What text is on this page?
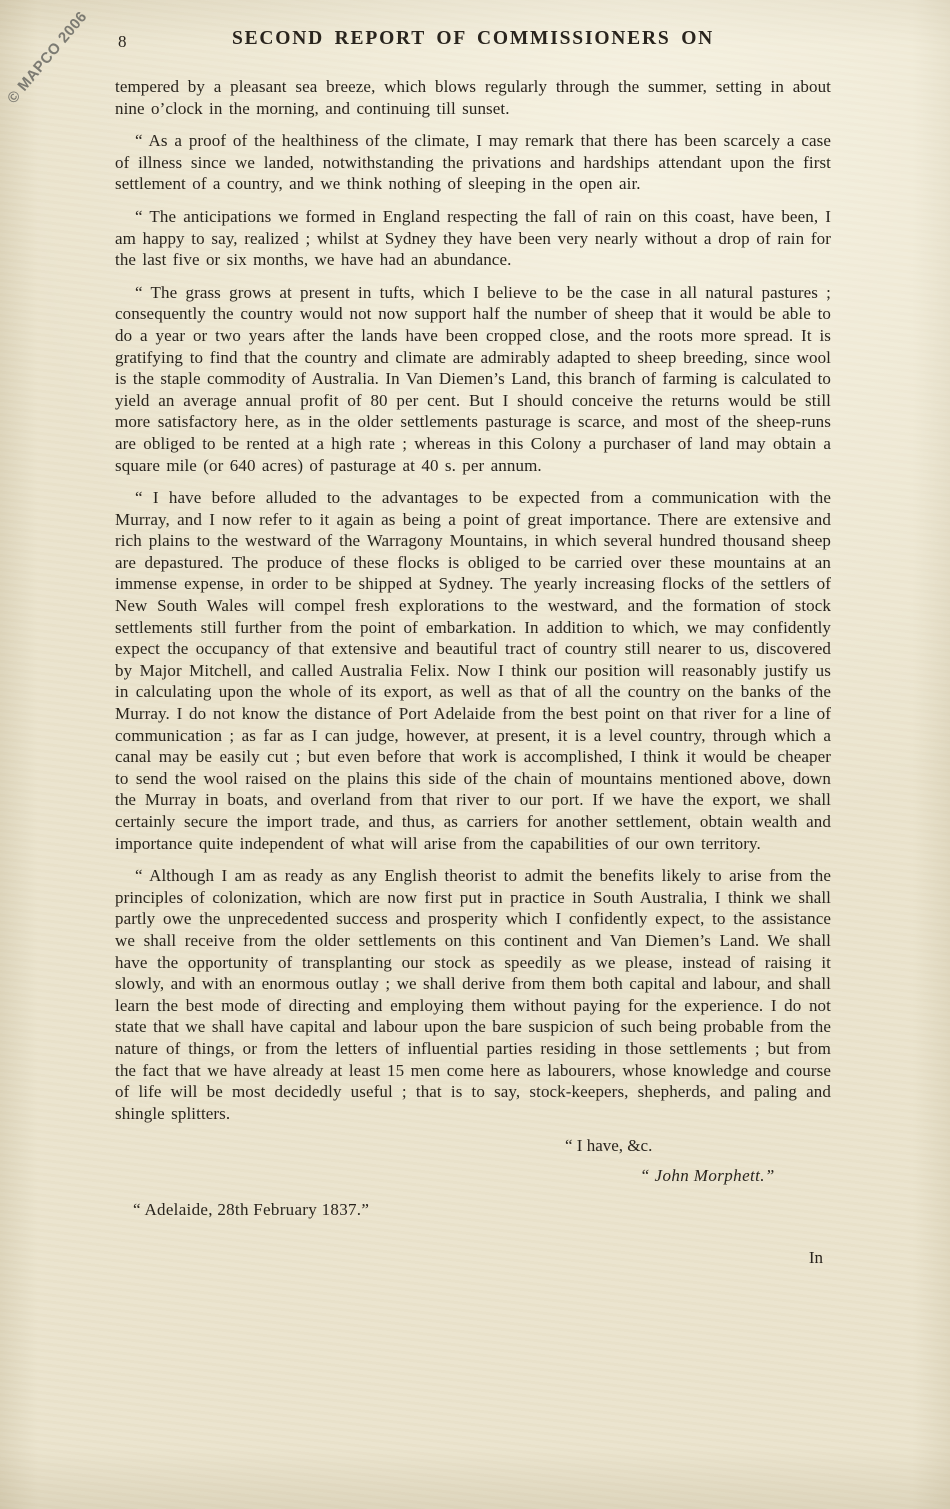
© MAPCO 2006 8	SECOND REPORT OF COMMISSIONERS ON

tempered by a pleasant sea breeze, which blows regularly through the summer, setting in about nine o’clock in the morning, and continuing till sunset.

“ As a proof of the healthiness of the climate, I may remark that there has been scarcely a case of illness since we landed, notwithstanding the privations and hardships attendant upon the first settlement of a country, and we think nothing of sleeping in the open air.

“ The anticipations we formed in England respecting the fall of rain on this coast, have been, I am happy to say, realized ; whilst at Sydney they have been very nearly without a drop of rain for the last five or six months, we have had an abundance.

“ The grass grows at present in tufts, which I believe to be the case in all natural pastures ; consequently the country would not now support half the number of sheep that it would be able to do a year or two years after the lands have been cropped close, and the roots more spread. It is gratifying to find that the country and climate are admirably adapted to sheep breeding, since wool is the staple commodity of Australia. In Van Diemen’s Land, this branch of farming is calculated to yield an average annual profit of 80 per cent. But I should conceive the returns would be still more satisfactory here, as in the older settlements pasturage is scarce, and most of the sheep-runs are obliged to be rented at a high rate ; whereas in this Colony a purchaser of land may obtain a square mile (or 640 acres) of pasturage at 40 s. per annum.

“ I have before alluded to the advantages to be expected from a communication with the Murray, and I now refer to it again as being a point of great importance. There are extensive and rich plains to the westward of the Warragony Mountains, in which several hundred thousand sheep are depastured. The produce of these flocks is obliged to be carried over these mountains at an immense expense, in order to be shipped at Sydney. The yearly increasing flocks of the settlers of New South Wales will compel fresh explorations to the westward, and the formation of stock settlements still further from the point of embarkation. In addition to which, we may confidently expect the occupancy of that extensive and beautiful tract of country still nearer to us, discovered by Major Mitchell, and called Australia Felix. Now I think our position will reasonably justify us in calculating upon the whole of its export, as well as that of all the country on the banks of the Murray. I do not know the distance of Port Adelaide from the best point on that river for a line of communication ; as far as I can judge, however, at present, it is a level country, through which a canal may be easily cut ; but even before that work is accomplished, I think it would be cheaper to send the wool raised on the plains this side of the chain of mountains mentioned above, down the Murray in boats, and overland from that river to our port. If we have the export, we shall certainly secure the import trade, and thus, as carriers for another settlement, obtain wealth and importance quite independent of what will arise from the capabilities of our own territory.

“ Although I am as ready as any English theorist to admit the benefits likely to arise from the principles of colonization, which are now first put in practice in South Australia, I think we shall partly owe the unprecedented success and prosperity which I confidently expect, to the assistance we shall receive from the older settlements on this continent and Van Diemen’s Land. We shall have the opportunity of transplanting our stock as speedily as we please, instead of raising it slowly, and with an enormous outlay ; we shall derive from them both capital and labour, and shall learn the best mode of directing and employing them without paying for the experience. I do not state that we shall have capital and labour upon the bare suspicion of such being probable from the nature of things, or from the letters of influential parties residing in those settlements ; but from the fact that we have already at least 15 men come here as labourers, whose knowledge and course of life will be most decidedly useful ; that is to say, stock-keepers, shepherds, and paling and shingle splitters.

“ I have, &c.
“ John Morphett.”
“ Adelaide, 28th February 1837.”
In
